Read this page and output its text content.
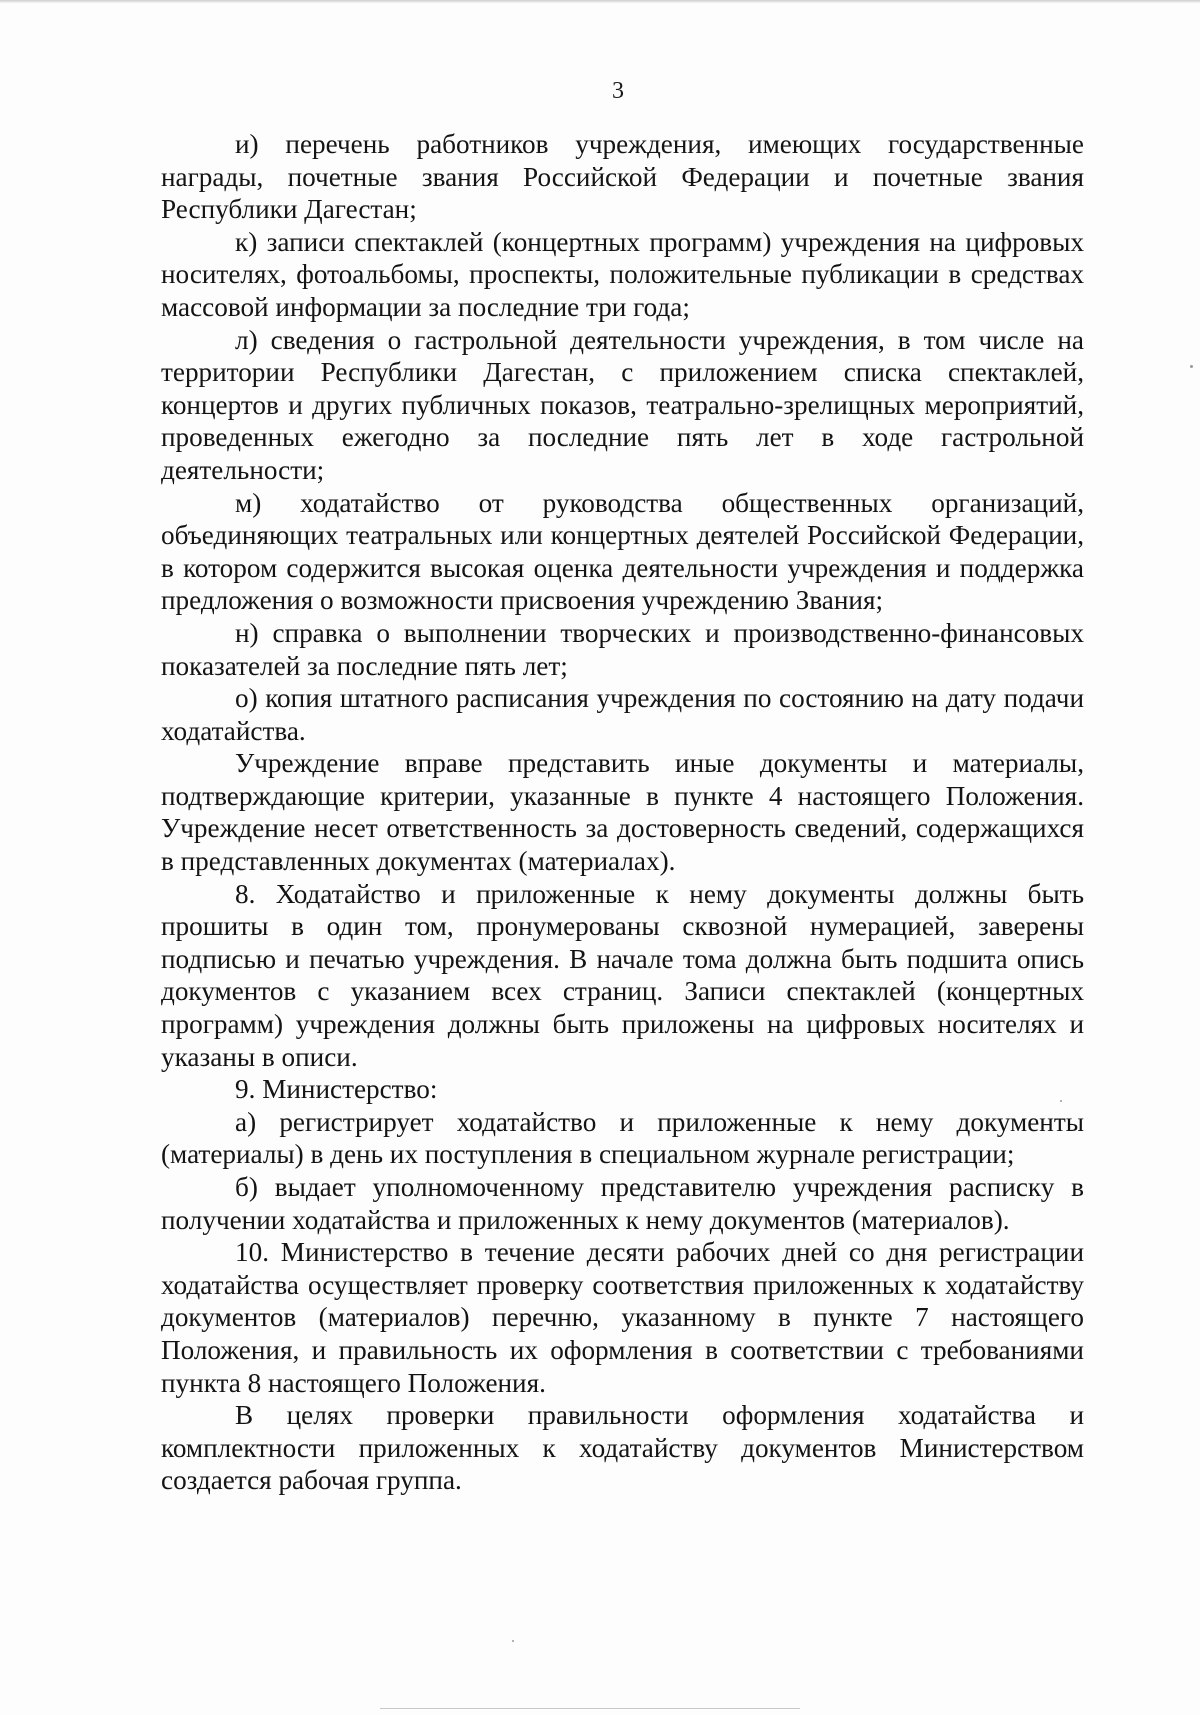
3

и) перечень работников учреждения, имеющих государственные награды, почетные звания Российской Федерации и почетные звания Республики Дагестан;

к) записи спектаклей (концертных программ) учреждения на цифровых носителях, фотоальбомы, проспекты, положительные публикации в средствах массовой информации за последние три года;

л) сведения о гастрольной деятельности учреждения, в том числе на территории Республики Дагестан, с приложением списка спектаклей, концертов и других публичных показов, театрально-зрелищных мероприятий, проведенных ежегодно за последние пять лет в ходе гастрольной деятельности;

м) ходатайство от руководства общественных организаций, объединяющих театральных или концертных деятелей Российской Федерации, в котором содержится высокая оценка деятельности учреждения и поддержка предложения о возможности присвоения учреждению Звания;

н) справка о выполнении творческих и производственно-финансовых показателей за последние пять лет;

о) копия штатного расписания учреждения по состоянию на дату подачи ходатайства.

Учреждение вправе представить иные документы и материалы, подтверждающие критерии, указанные в пункте 4 настоящего Положения. Учреждение несет ответственность за достоверность сведений, содержащихся в представленных документах (материалах).

8. Ходатайство и приложенные к нему документы должны быть прошиты в один том, пронумерованы сквозной нумерацией, заверены подписью и печатью учреждения. В начале тома должна быть подшита опись документов с указанием всех страниц. Записи спектаклей (концертных программ) учреждения должны быть приложены на цифровых носителях и указаны в описи.

9. Министерство:

а) регистрирует ходатайство и приложенные к нему документы (материалы) в день их поступления в специальном журнале регистрации;

б) выдает уполномоченному представителю учреждения расписку в получении ходатайства и приложенных к нему документов (материалов).

10. Министерство в течение десяти рабочих дней со дня регистрации ходатайства осуществляет проверку соответствия приложенных к ходатайству документов (материалов) перечню, указанному в пункте 7 настоящего Положения, и правильность их оформления в соответствии с требованиями пункта 8 настоящего Положения.

В целях проверки правильности оформления ходатайства и комплектности приложенных к ходатайству документов Министерством создается рабочая группа.
